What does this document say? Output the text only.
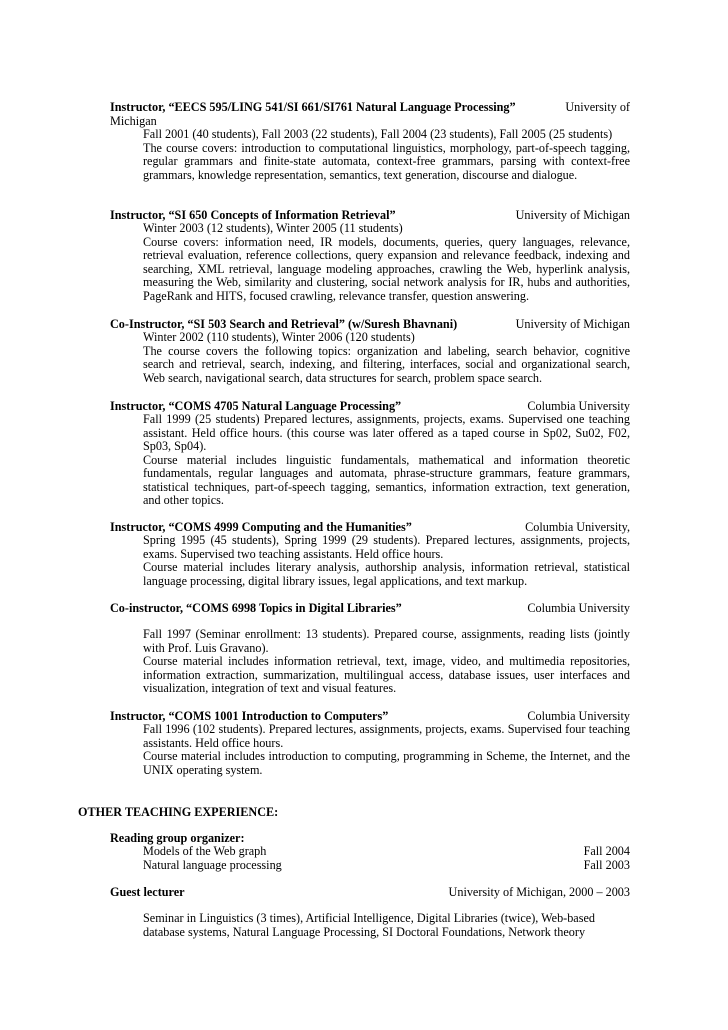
Instructor, “EECS 595/LING 541/SI 661/SI761 Natural Language Processing”	University of
Michigan

Fall 2001 (40 students), Fall 2003 (22 students), Fall 2004 (23 students), Fall 2005 (25 students)

The course covers: introduction to computational linguistics, morphology, part-of-speech tagging, regular grammars and finite-state automata, context-free grammars, parsing with context-free grammars, knowledge representation, semantics, text generation, discourse and dialogue.

Instructor, “SI 650 Concepts of Information Retrieval”	University of Michigan

Winter 2003 (12 students), Winter 2005 (11 students)

Course covers: information need, IR models, documents, queries, query languages, relevance, retrieval evaluation, reference collections, query expansion and relevance feedback, indexing and searching, XML retrieval, language modeling approaches, crawling the Web, hyperlink analysis, measuring the Web, similarity and clustering, social network analysis for IR, hubs and authorities, PageRank and HITS, focused crawling, relevance transfer, question answering.

Co-Instructor, “SI 503 Search and Retrieval” (w/Suresh Bhavnani)	University of Michigan

Winter 2002 (110 students), Winter 2006 (120 students)

The course covers the following topics: organization and labeling, search behavior, cognitive search and retrieval, search, indexing, and filtering, interfaces, social and organizational search, Web search, navigational search, data structures for search, problem space search.

Instructor, “COMS 4705 Natural Language Processing”	Columbia University

Fall 1999 (25 students) Prepared lectures, assignments, projects, exams. Supervised one teaching assistant. Held office hours. (this course was later offered as a taped course in Sp02, Su02, F02, Sp03, Sp04).

Course material includes linguistic fundamentals, mathematical and information theoretic fundamentals, regular languages and automata, phrase-structure grammars, feature grammars, statistical techniques, part-of-speech tagging, semantics, information extraction, text generation, and other topics.

Instructor, “COMS 4999 Computing and the Humanities”	Columbia University,

Spring 1995 (45 students), Spring 1999 (29 students). Prepared lectures, assignments, projects, exams. Supervised two teaching assistants. Held office hours.

Course material includes literary analysis, authorship analysis, information retrieval, statistical language processing, digital library issues, legal applications, and text markup.

Co-instructor, “COMS 6998 Topics in Digital Libraries”	Columbia University

Fall 1997 (Seminar enrollment: 13 students). Prepared course, assignments, reading lists (jointly with Prof. Luis Gravano).

Course material includes information retrieval, text, image, video, and multimedia repositories, information extraction, summarization, multilingual access, database issues, user interfaces and visualization, integration of text and visual features.

Instructor, “COMS 1001 Introduction to Computers”	Columbia University

Fall 1996 (102 students). Prepared lectures, assignments, projects, exams. Supervised four teaching assistants. Held office hours.

Course material includes introduction to computing, programming in Scheme, the Internet, and the UNIX operating system.

OTHER TEACHING EXPERIENCE:
Reading group organizer:
Models of the Web graph	Fall 2004
Natural language processing	Fall 2003
Guest lecturer	University of Michigan, 2000 – 2003

Seminar in Linguistics (3 times), Artificial Intelligence, Digital Libraries (twice), Web-based database systems, Natural Language Processing, SI Doctoral Foundations, Network theory
